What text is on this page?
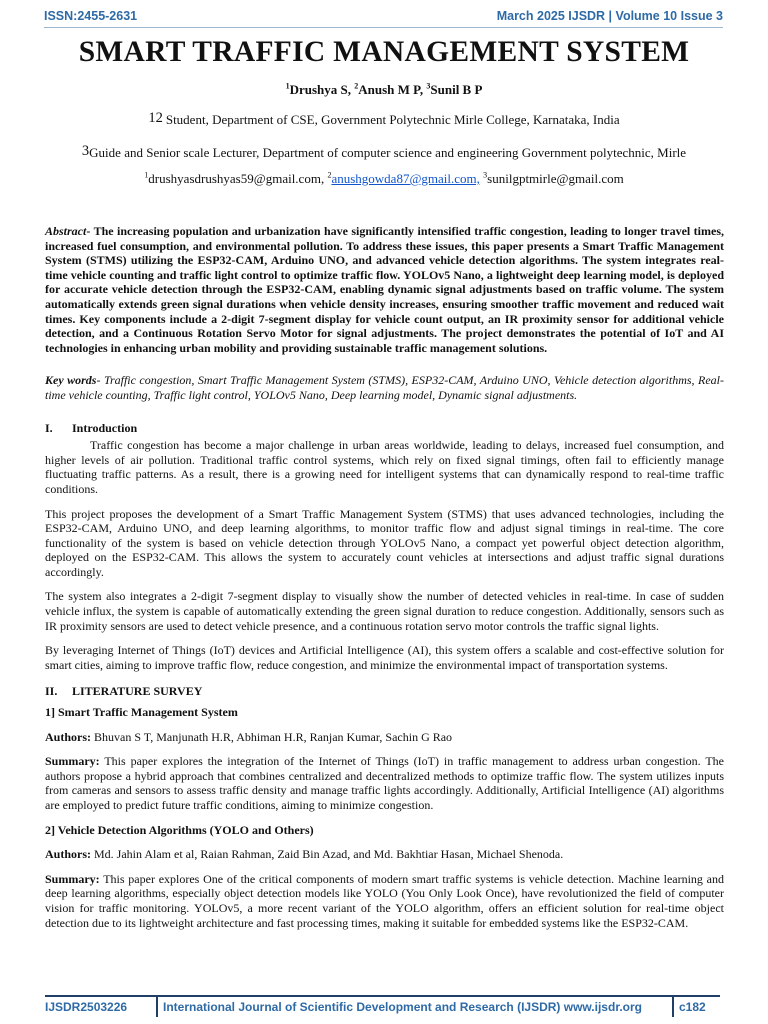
ISSN:2455-2631	March 2025 IJSDR | Volume 10 Issue 3
SMART TRAFFIC MANAGEMENT SYSTEM
$^1$Drushya S, $^2$Anush M P, $^3$Sunil B P
12 Student, Department of CSE, Government Polytechnic Mirle College, Karnataka, India
3Guide and Senior scale Lecturer, Department of computer science and engineering Government polytechnic, Mirle
$^1$drushyasdrushyas59@gmail.com, $^2$anushgowda87@gmail.com, $^3$sunilgptmirle@gmail.com

Abstract- The increasing population and urbanization have significantly intensified traffic congestion, leading to longer travel times, increased fuel consumption, and environmental pollution. To address these issues, this paper presents a Smart Traffic Management System (STMS) utilizing the ESP32-CAM, Arduino UNO, and advanced vehicle detection algorithms. The system integrates real-time vehicle counting and traffic light control to optimize traffic flow. YOLOv5 Nano, a lightweight deep learning model, is deployed for accurate vehicle detection through the ESP32-CAM, enabling dynamic signal adjustments based on traffic volume. The system automatically extends green signal durations when vehicle density increases, ensuring smoother traffic movement and reduced wait times. Key components include a 2-digit 7-segment display for vehicle count output, an IR proximity sensor for additional vehicle detection, and a Continuous Rotation Servo Motor for signal adjustments. The project demonstrates the potential of IoT and AI technologies in enhancing urban mobility and providing sustainable traffic management solutions.

Key words- Traffic congestion, Smart Traffic Management System (STMS), ESP32-CAM, Arduino UNO, Vehicle detection algorithms, Real-time vehicle counting, Traffic light control, YOLOv5 Nano, Deep learning model, Dynamic signal adjustments.

I. Introduction

Traffic congestion has become a major challenge in urban areas worldwide, leading to delays, increased fuel consumption, and higher levels of air pollution. Traditional traffic control systems, which rely on fixed signal timings, often fail to efficiently manage fluctuating traffic patterns. As a result, there is a growing need for intelligent systems that can dynamically respond to real-time traffic conditions.

This project proposes the development of a Smart Traffic Management System (STMS) that uses advanced technologies, including the ESP32-CAM, Arduino UNO, and deep learning algorithms, to monitor traffic flow and adjust signal timings in real-time. The core functionality of the system is based on vehicle detection through YOLOv5 Nano, a compact yet powerful object detection algorithm, deployed on the ESP32-CAM. This allows the system to accurately count vehicles at intersections and adjust traffic signal durations accordingly.

The system also integrates a 2-digit 7-segment display to visually show the number of detected vehicles in real-time. In case of sudden vehicle influx, the system is capable of automatically extending the green signal duration to reduce congestion. Additionally, sensors such as IR proximity sensors are used to detect vehicle presence, and a continuous rotation servo motor controls the traffic signal lights.

By leveraging Internet of Things (IoT) devices and Artificial Intelligence (AI), this system offers a scalable and cost-effective solution for smart cities, aiming to improve traffic flow, reduce congestion, and minimize the environmental impact of transportation systems.

II. LITERATURE SURVEY

1] Smart Traffic Management System

Authors: Bhuvan S T, Manjunath H.R, Abhiman H.R, Ranjan Kumar, Sachin G Rao

Summary: This paper explores the integration of the Internet of Things (IoT) in traffic management to address urban congestion. The authors propose a hybrid approach that combines centralized and decentralized methods to optimize traffic flow. The system utilizes inputs from cameras and sensors to assess traffic density and manage traffic lights accordingly. Additionally, Artificial Intelligence (AI) algorithms are employed to predict future traffic conditions, aiming to minimize congestion.

2] Vehicle Detection Algorithms (YOLO and Others)

Authors: Md. Jahin Alam et al, Raian Rahman, Zaid Bin Azad, and Md. Bakhtiar Hasan, Michael Shenoda.

Summary: This paper explores One of the critical components of modern smart traffic systems is vehicle detection. Machine learning and deep learning algorithms, especially object detection models like YOLO (You Only Look Once), have revolutionized the field of computer vision for traffic monitoring. YOLOv5, a more recent variant of the YOLO algorithm, offers an efficient solution for real-time object detection due to its lightweight architecture and fast processing times, making it suitable for embedded systems like the ESP32-CAM.

IJSDR2503226	International Journal of Scientific Development and Research (IJSDR) www.ijsdr.org	c182
